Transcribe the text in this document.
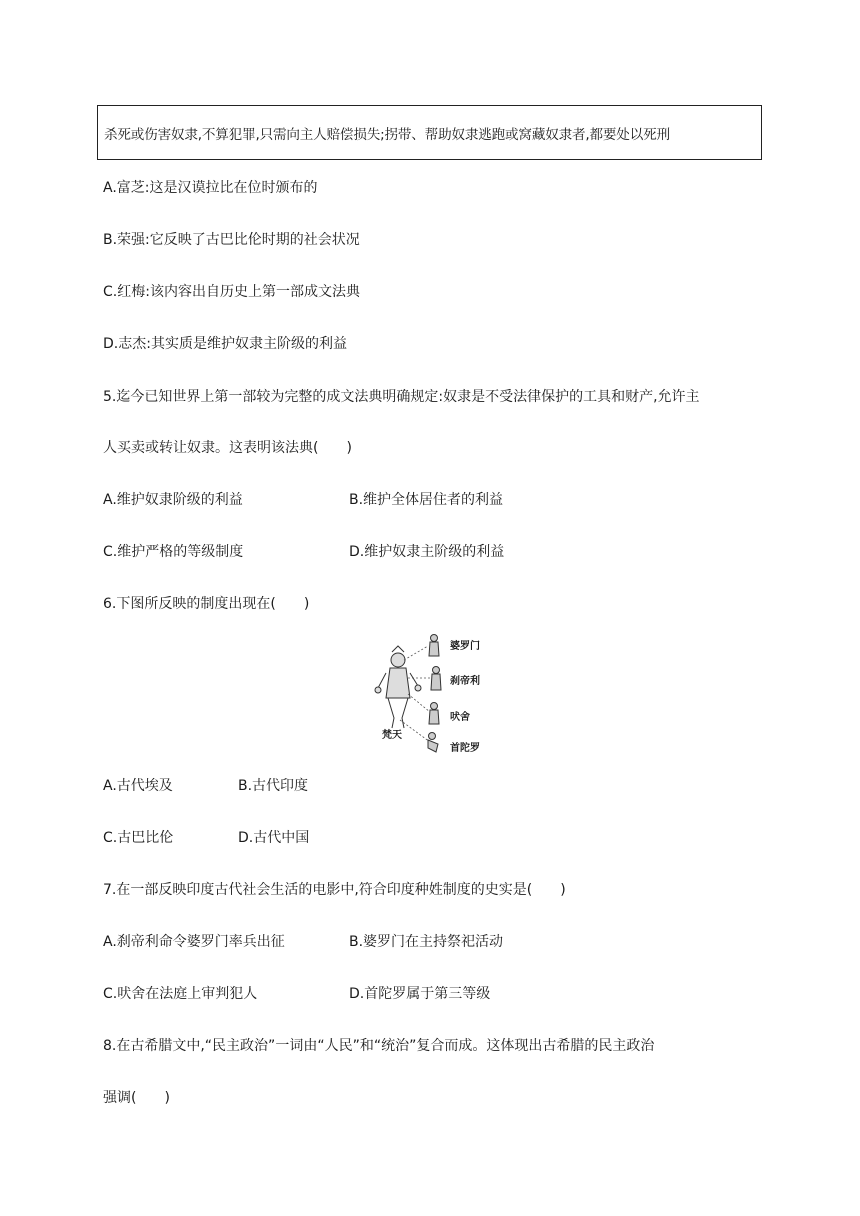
杀死或伤害奴隶,不算犯罪,只需向主人赔偿损失;拐带、帮助奴隶逃跑或窝藏奴隶者,都要处以死刑
A.富芝:这是汉谟拉比在位时颁布的
B.荣强:它反映了古巴比伦时期的社会状况
C.红梅:该内容出自历史上第一部成文法典
D.志杰:其实质是维护奴隶主阶级的利益
5.迄今已知世界上第一部较为完整的成文法典明确规定:奴隶是不受法律保护的工具和财产,允许主
人买卖或转让奴隶。这表明该法典(　　)
A.维护奴隶阶级的利益	B.维护全体居住者的利益
C.维护严格的等级制度	D.维护奴隶主阶级的利益
6.下图所反映的制度出现在(　　)
婆罗门
刹帝利
吠舍
首陀罗
梵天
A.古代埃及	B.古代印度
C.古巴比伦	D.古代中国
7.在一部反映印度古代社会生活的电影中,符合印度种姓制度的史实是(　　)
A.刹帝利命令婆罗门率兵出征	B.婆罗门在主持祭祀活动
C.吠舍在法庭上审判犯人	D.首陀罗属于第三等级
8.在古希腊文中,“民主政治”一词由“人民”和“统治”复合而成。这体现出古希腊的民主政治
强调(　　)
